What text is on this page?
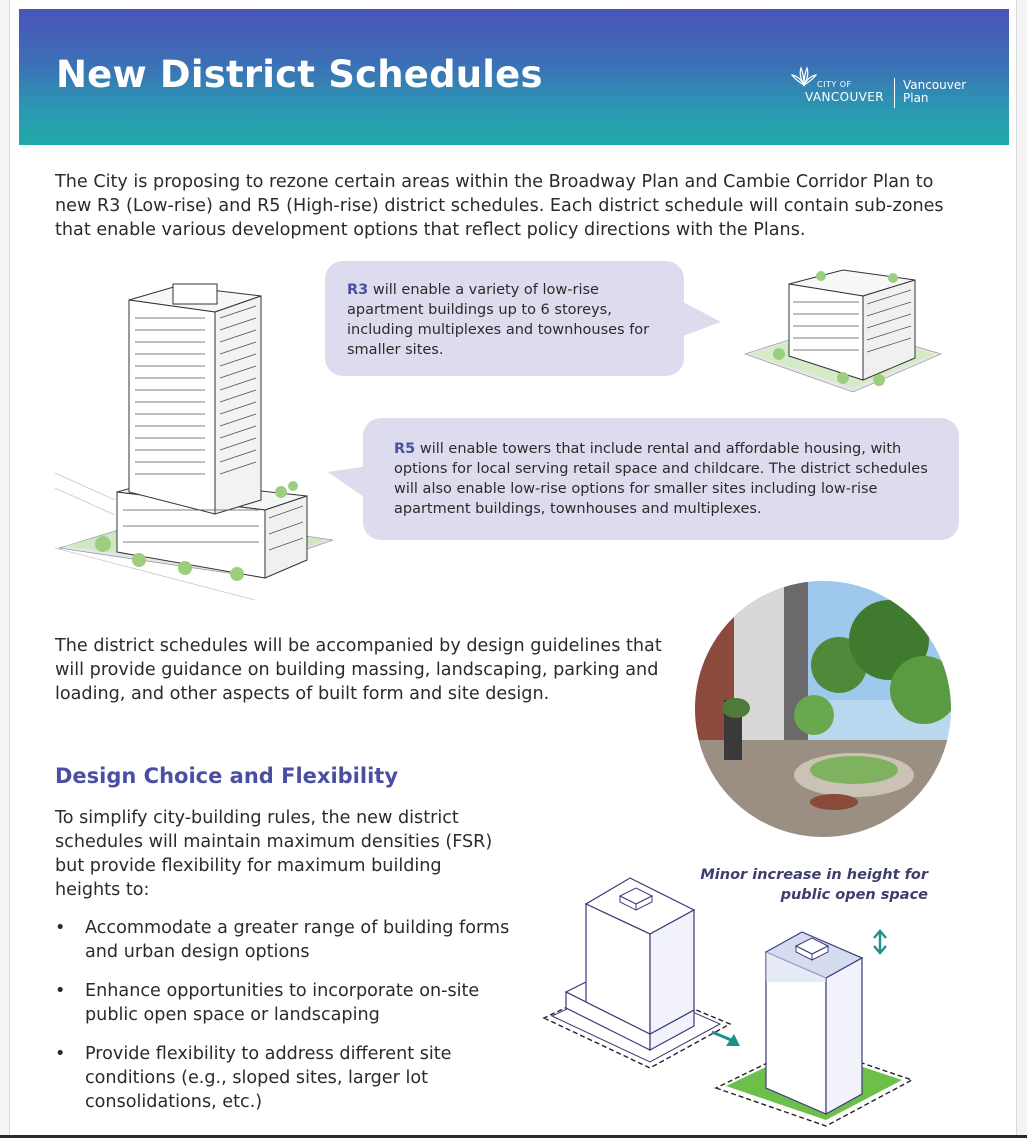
New District Schedules	CITY OF
VANCOUVER
Vancouver
Plan

The City is proposing to rezone certain areas within the Broadway Plan and Cambie Corridor Plan to new R3 (Low-rise) and R5 (High-rise) district schedules. Each district schedule will contain sub-zones that enable various development options that reflect policy directions with the Plans.

R3 will enable a variety of low-rise apartment buildings up to 6 storeys, including multiplexes and townhouses for smaller sites.

R5 will enable towers that include rental and affordable housing, with options for local serving retail space and childcare. The district schedules will also enable low-rise options for smaller sites including low-rise apartment buildings, townhouses and multiplexes.

The district schedules will be accompanied by design guidelines that will provide guidance on building massing, landscaping, parking and loading, and other aspects of built form and site design.

Design Choice and Flexibility

To simplify city-building rules, the new district schedules will maintain maximum densities (FSR) but provide flexibility for maximum building heights to:

• Accommodate a greater range of building forms and urban design options
• Enhance opportunities to incorporate on-site public open space or landscaping
• Provide flexibility to address different site conditions (e.g., sloped sites, larger lot consolidations, etc.)

Minor increase in height for public open space
